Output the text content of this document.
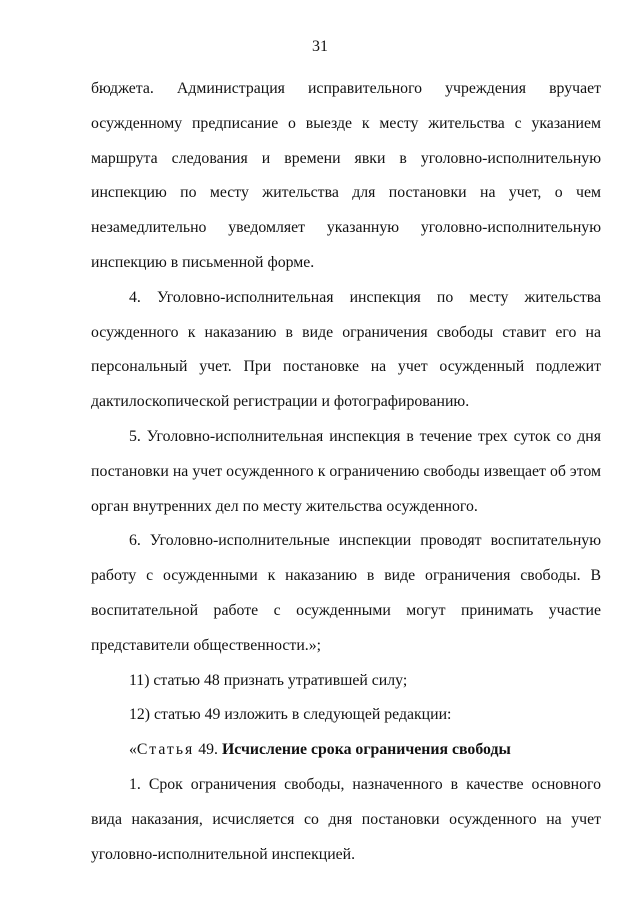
31

бюджета. Администрация исправительного учреждения вручает осужденному предписание о выезде к месту жительства с указанием маршрута следования и времени явки в уголовно-исполнительную инспекцию по месту жительства для постановки на учет, о чем незамедлительно уведомляет указанную уголовно-исполнительную инспекцию в письменной форме.

4. Уголовно-исполнительная инспекция по месту жительства осужденного к наказанию в виде ограничения свободы ставит его на персональный учет. При постановке на учет осужденный подлежит дактилоскопической регистрации и фотографированию.

5. Уголовно-исполнительная инспекция в течение трех суток со дня постановки на учет осужденного к ограничению свободы извещает об этом орган внутренних дел по месту жительства осужденного.

6. Уголовно-исполнительные инспекции проводят воспитательную работу с осужденными к наказанию в виде ограничения свободы. В воспитательной работе с осужденными могут принимать участие представители общественности.»;

11) статью 48 признать утратившей силу;

12) статью 49 изложить в следующей редакции:

«Статья 49. Исчисление срока ограничения свободы

1. Срок ограничения свободы, назначенного в качестве основного вида наказания, исчисляется со дня постановки осужденного на учет уголовно-исполнительной инспекцией.
